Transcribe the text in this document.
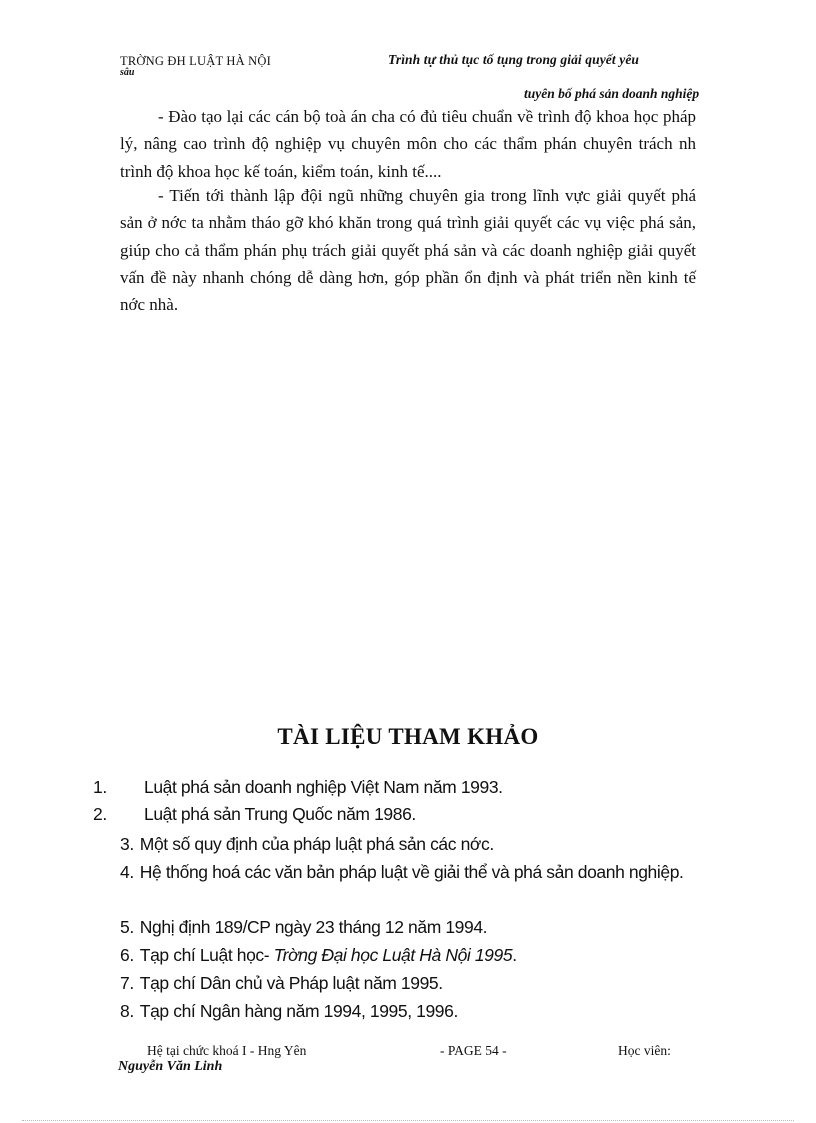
TRỜNG ĐH LUẬT HÀ NỘI
sâu
Trình tự thủ tục tố tụng trong giải quyết yêu
tuyên bố phá sản doanh nghiệp
- Đào tạo lại các cán bộ toà án cha có đủ tiêu chuẩn về trình độ khoa học pháp lý, nâng cao trình độ nghiệp vụ chuyên môn cho các thẩm phán chuyên trách nh trình độ khoa học kế toán, kiểm toán, kinh tế....
- Tiến tới thành lập đội ngũ những chuyên gia trong lĩnh vực giải quyết phá sản ở nớc ta nhằm tháo gỡ khó khăn trong quá trình giải quyết các vụ việc phá sản, giúp cho cả thẩm phán phụ trách giải quyết phá sản và các doanh nghiệp giải quyết vấn đề này nhanh chóng dễ dàng hơn, góp phần ổn định và phát triển nền kinh tế nớc nhà.
TÀI LIỆU THAM KHẢO
1. Luật phá sản doanh nghiệp Việt Nam năm 1993.
2. Luật phá sản Trung Quốc năm 1986.
3. Một số quy định của pháp luật phá sản các nớc.
4. Hệ thống hoá các văn bản pháp luật về giải thể và phá sản doanh nghiệp.
5. Nghị định 189/CP ngày 23 tháng 12 năm 1994.
6. Tạp chí Luật học- Trờng Đại học Luật Hà Nội 1995.
7. Tạp chí Dân chủ và Pháp luật năm 1995.
8. Tạp chí Ngân hàng năm 1994, 1995, 1996.
Hệ tại chức khoá I - Hng Yên	- PAGE 54 -	Học viên:
Nguyễn Văn Linh
